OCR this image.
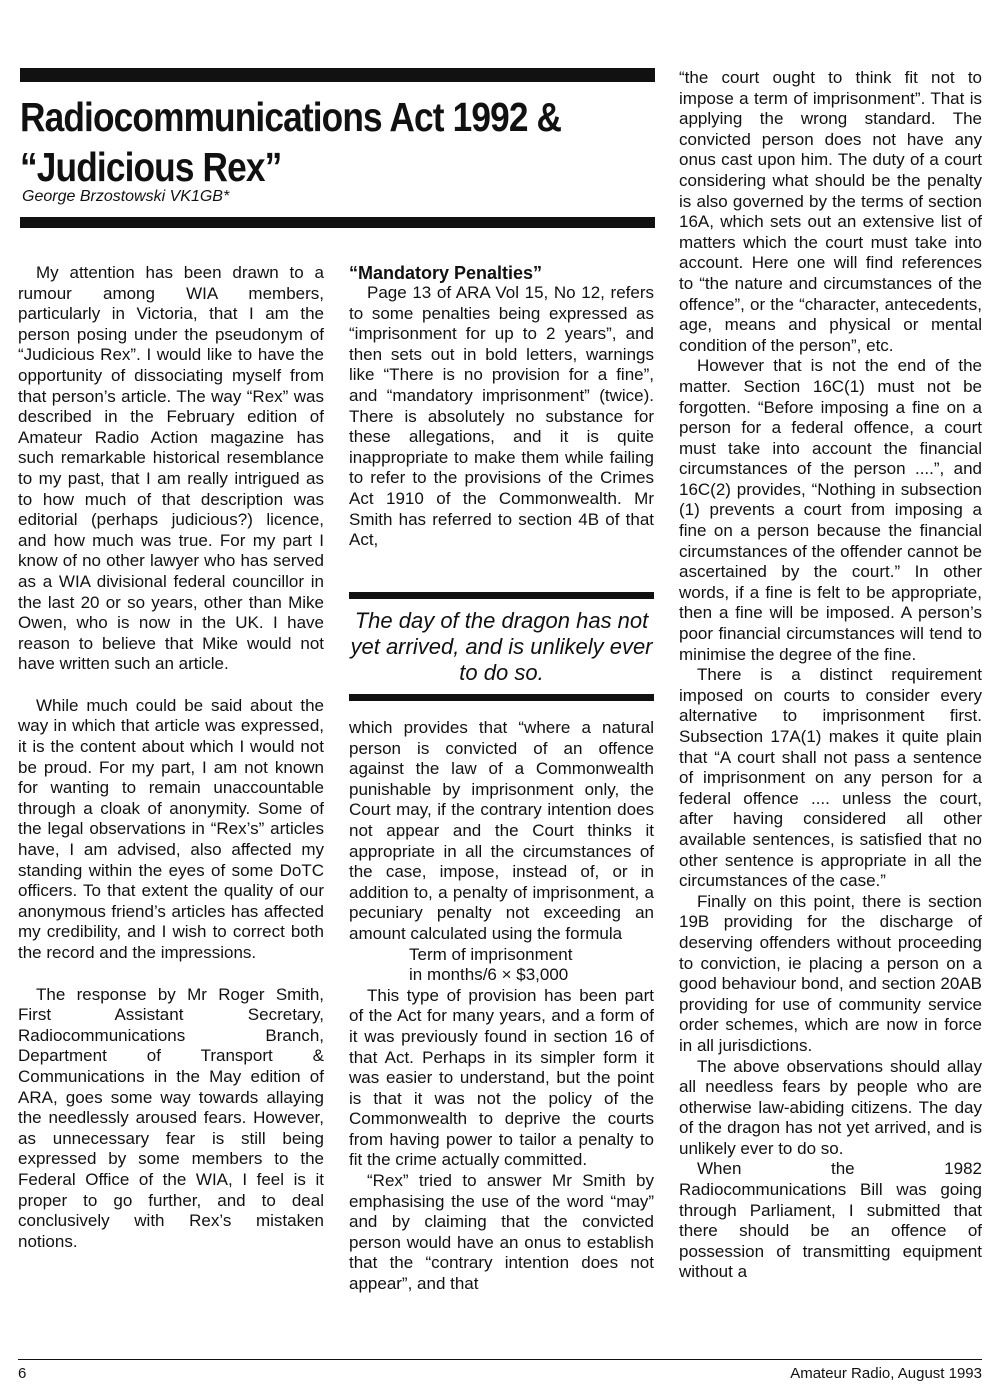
Radiocommunications Act 1992 & “Judicious Rex”
George Brzostowski VK1GB*

My attention has been drawn to a rumour among WIA members, particularly in Victoria, that I am the person posing under the pseudonym of “Judicious Rex”. I would like to have the opportunity of dissociating myself from that person’s article. The way “Rex” was described in the February edition of Amateur Radio Action magazine has such remarkable historical resemblance to my past, that I am really intrigued as to how much of that description was editorial (perhaps judicious?) licence, and how much was true. For my part I know of no other lawyer who has served as a WIA divisional federal councillor in the last 20 or so years, other than Mike Owen, who is now in the UK. I have reason to believe that Mike would not have written such an article.

While much could be said about the way in which that article was expressed, it is the content about which I would not be proud. For my part, I am not known for wanting to remain unaccountable through a cloak of anonymity. Some of the legal observations in “Rex’s” articles have, I am advised, also affected my standing within the eyes of some DoTC officers. To that extent the quality of our anonymous friend’s articles has affected my credibility, and I wish to correct both the record and the impressions.

The response by Mr Roger Smith, First Assistant Secretary, Radiocommunications Branch, Department of Transport & Communications in the May edition of ARA, goes some way towards allaying the needlessly aroused fears. However, as unnecessary fear is still being expressed by some members to the Federal Office of the WIA, I feel is it proper to go further, and to deal conclusively with Rex’s mistaken notions.

“Mandatory Penalties”

Page 13 of ARA Vol 15, No 12, refers to some penalties being expressed as “imprisonment for up to 2 years”, and then sets out in bold letters, warnings like “There is no provision for a fine”, and “mandatory imprisonment” (twice). There is absolutely no substance for these allegations, and it is quite inappropriate to make them while failing to refer to the provisions of the Crimes Act 1910 of the Commonwealth. Mr Smith has referred to section 4B of that Act,

The day of the dragon has not yet arrived, and is unlikely ever to do so.

which provides that “where a natural person is convicted of an offence against the law of a Commonwealth punishable by imprisonment only, the Court may, if the contrary intention does not appear and the Court thinks it appropriate in all the circumstances of the case, impose, instead of, or in addition to, a penalty of imprisonment, a pecuniary penalty not exceeding an amount calculated using the formula

Term of imprisonment

in months/6 × $3,000

This type of provision has been part of the Act for many years, and a form of it was previously found in section 16 of that Act. Perhaps in its simpler form it was easier to understand, but the point is that it was not the policy of the Commonwealth to deprive the courts from having power to tailor a penalty to fit the crime actually committed.

“Rex” tried to answer Mr Smith by emphasising the use of the word “may” and by claiming that the convicted person would have an onus to establish that the “contrary intention does not appear”, and that

“the court ought to think fit not to impose a term of imprisonment”. That is applying the wrong standard. The convicted person does not have any onus cast upon him. The duty of a court considering what should be the penalty is also governed by the terms of section 16A, which sets out an extensive list of matters which the court must take into account. Here one will find references to “the nature and circumstances of the offence”, or the “character, antecedents, age, means and physical or mental condition of the person”, etc.

However that is not the end of the matter. Section 16C(1) must not be forgotten. “Before imposing a fine on a person for a federal offence, a court must take into account the financial circumstances of the person ....”, and 16C(2) provides, “Nothing in subsection (1) prevents a court from imposing a fine on a person because the financial circumstances of the offender cannot be ascertained by the court.” In other words, if a fine is felt to be appropriate, then a fine will be imposed. A person’s poor financial circumstances will tend to minimise the degree of the fine.

There is a distinct requirement imposed on courts to consider every alternative to imprisonment first. Subsection 17A(1) makes it quite plain that “A court shall not pass a sentence of imprisonment on any person for a federal offence .... unless the court, after having considered all other available sentences, is satisfied that no other sentence is appropriate in all the circumstances of the case.”

Finally on this point, there is section 19B providing for the discharge of deserving offenders without proceeding to conviction, ie placing a person on a good behaviour bond, and section 20AB providing for use of community service order schemes, which are now in force in all jurisdictions.

The above observations should allay all needless fears by people who are otherwise law-abiding citizens. The day of the dragon has not yet arrived, and is unlikely ever to do so.

When the 1982 Radiocommunications Bill was going through Parliament, I submitted that there should be an offence of possession of transmitting equipment without a

6	Amateur Radio, August 1993
